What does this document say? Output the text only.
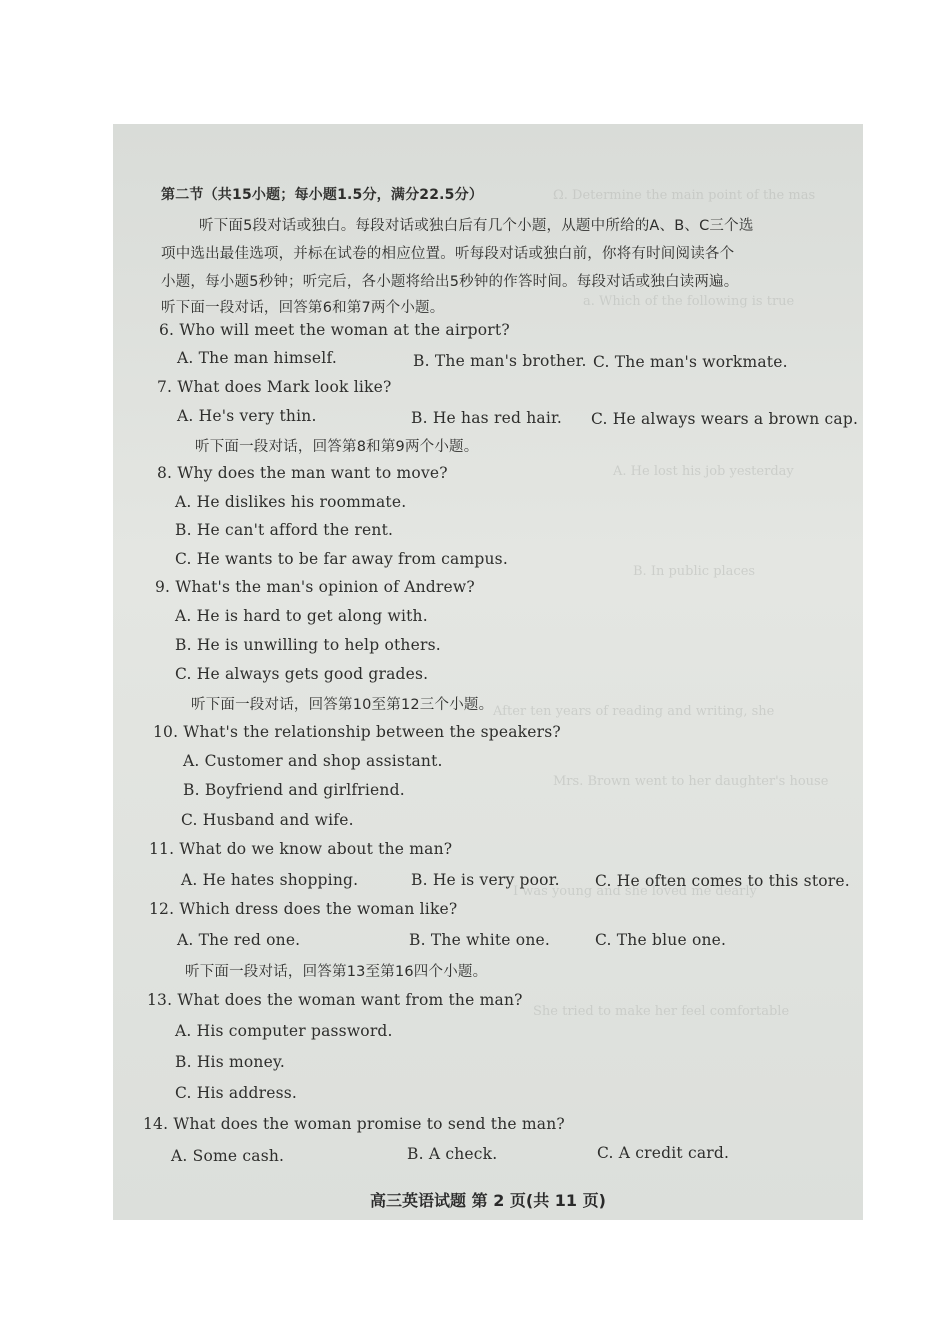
Ω. Determine the main point of the mas
a. Which of the following is true
A. He lost his job yesterday
B. In public places
After ten years of reading and writing, she
Mrs. Brown went to her daughter's house
I was young and she loved me dearly
She tried to make her feel comfortable
第二节（共15小题；每小题1.5分，满分22.5分）
听下面5段对话或独白。每段对话或独白后有几个小题，从题中所给的A、B、C三个选
项中选出最佳选项，并标在试卷的相应位置。听每段对话或独白前，你将有时间阅读各个
小题，每小题5秒钟；听完后，各小题将给出5秒钟的作答时间。每段对话或独白读两遍。
听下面一段对话，回答第6和第7两个小题。
6. Who will meet the woman at the airport?
A. The man himself.	B. The man's brother. C. The man's workmate.
7. What does Mark look like?
A. He's very thin.	B. He has red hair. C. He always wears a brown cap.
听下面一段对话，回答第8和第9两个小题。
8. Why does the man want to move?
A. He dislikes his roommate.
B. He can't afford the rent.
C. He wants to be far away from campus.
9. What's the man's opinion of Andrew?
A. He is hard to get along with.
B. He is unwilling to help others.
C. He always gets good grades.
听下面一段对话，回答第10至第12三个小题。
10. What's the relationship between the speakers?
A. Customer and shop assistant.
B. Boyfriend and girlfriend.
C. Husband and wife.
11. What do we know about the man?
A. He hates shopping.	B. He is very poor. C. He often comes to this store.
12. Which dress does the woman like?
A. The red one.	B. The white one.	C. The blue one.
听下面一段对话，回答第13至第16四个小题。
13. What does the woman want from the man?
A. His computer password.
B. His money.
C. His address.
14. What does the woman promise to send the man?
A. Some cash.	B. A check.	C. A credit card.
高三英语试题 第 2 页(共 11 页)
